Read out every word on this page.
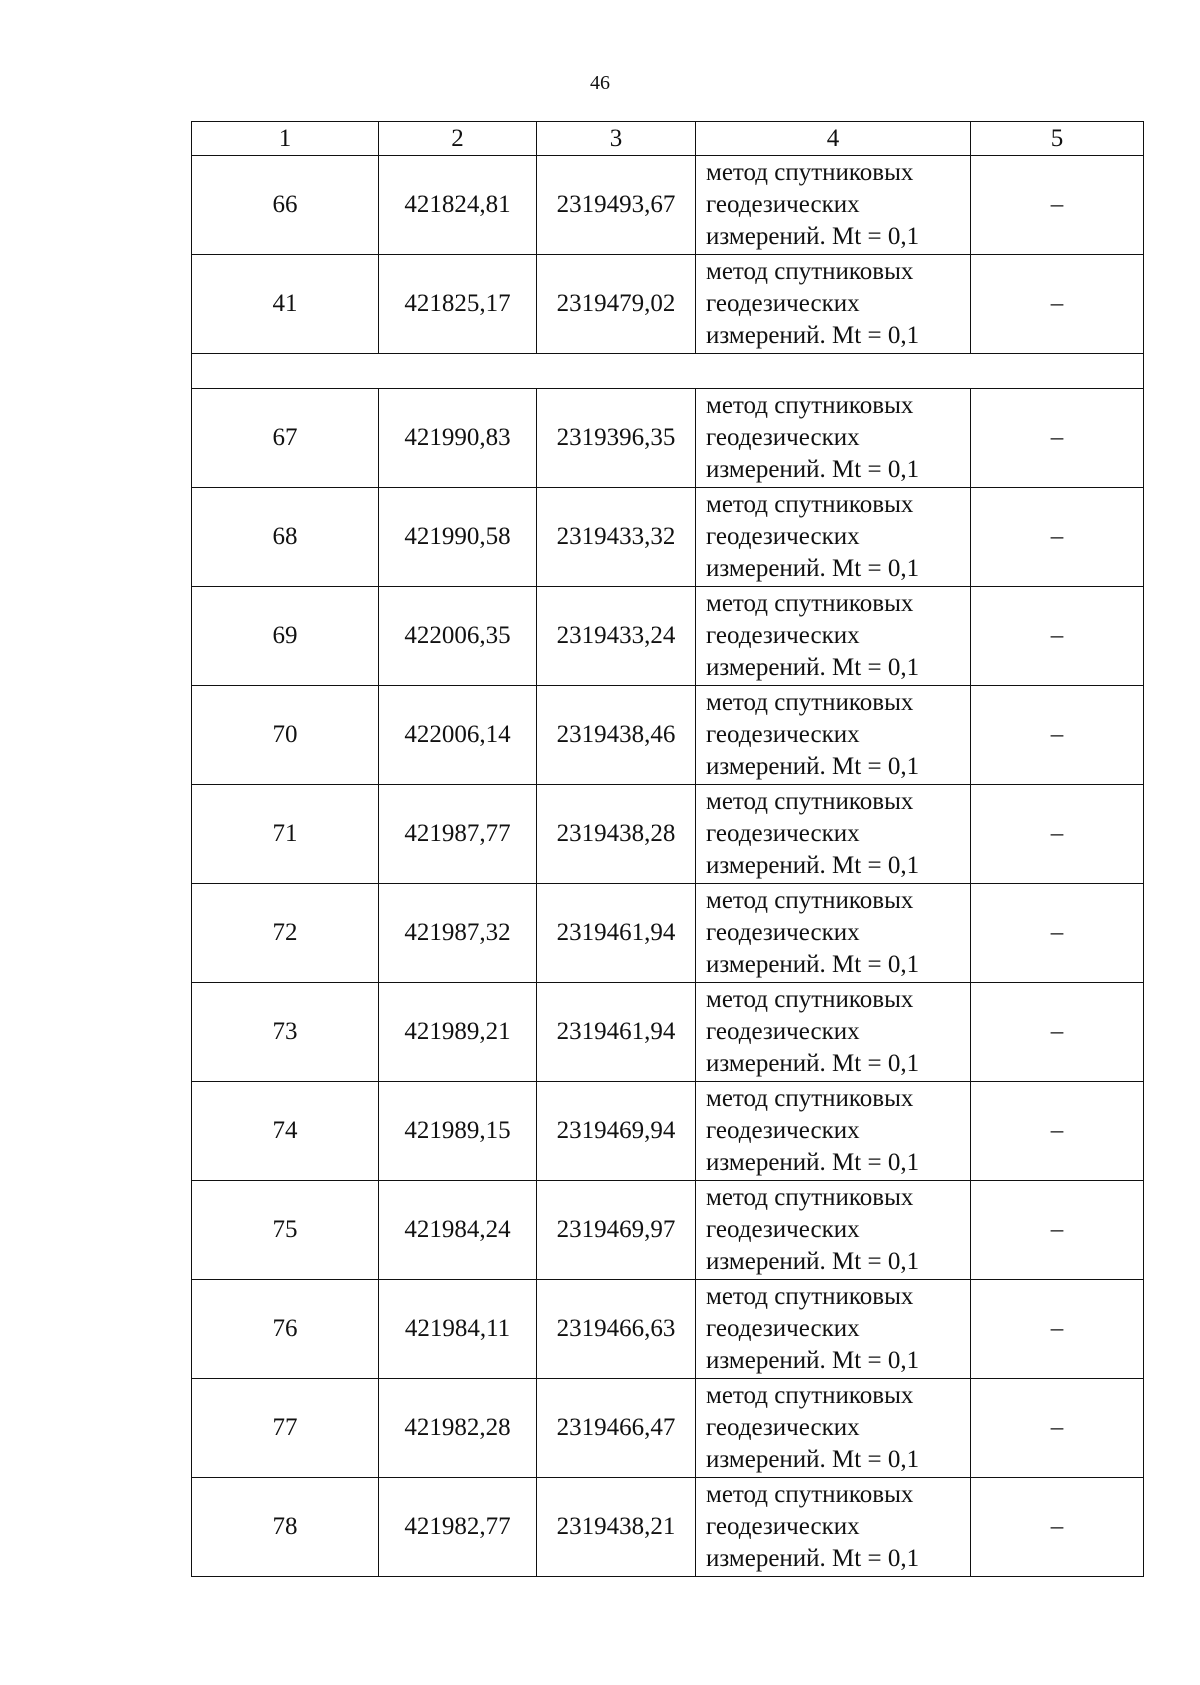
46
1	2	3	4	5
66	421824,81	2319493,67	метод спутниковых
геодезических
измерений. Mt = 0,1	–
41	421825,17	2319479,02	метод спутниковых
геодезических
измерений. Mt = 0,1	–

67	421990,83	2319396,35	метод спутниковых
геодезических
измерений. Mt = 0,1	–
68	421990,58	2319433,32	метод спутниковых
геодезических
измерений. Mt = 0,1	–
69	422006,35	2319433,24	метод спутниковых
геодезических
измерений. Mt = 0,1	–
70	422006,14	2319438,46	метод спутниковых
геодезических
измерений. Mt = 0,1	–
71	421987,77	2319438,28	метод спутниковых
геодезических
измерений. Mt = 0,1	–
72	421987,32	2319461,94	метод спутниковых
геодезических
измерений. Mt = 0,1	–
73	421989,21	2319461,94	метод спутниковых
геодезических
измерений. Mt = 0,1	–
74	421989,15	2319469,94	метод спутниковых
геодезических
измерений. Mt = 0,1	–
75	421984,24	2319469,97	метод спутниковых
геодезических
измерений. Mt = 0,1	–
76	421984,11	2319466,63	метод спутниковых
геодезических
измерений. Mt = 0,1	–
77	421982,28	2319466,47	метод спутниковых
геодезических
измерений. Mt = 0,1	–
78	421982,77	2319438,21	метод спутниковых
геодезических
измерений. Mt = 0,1	–
